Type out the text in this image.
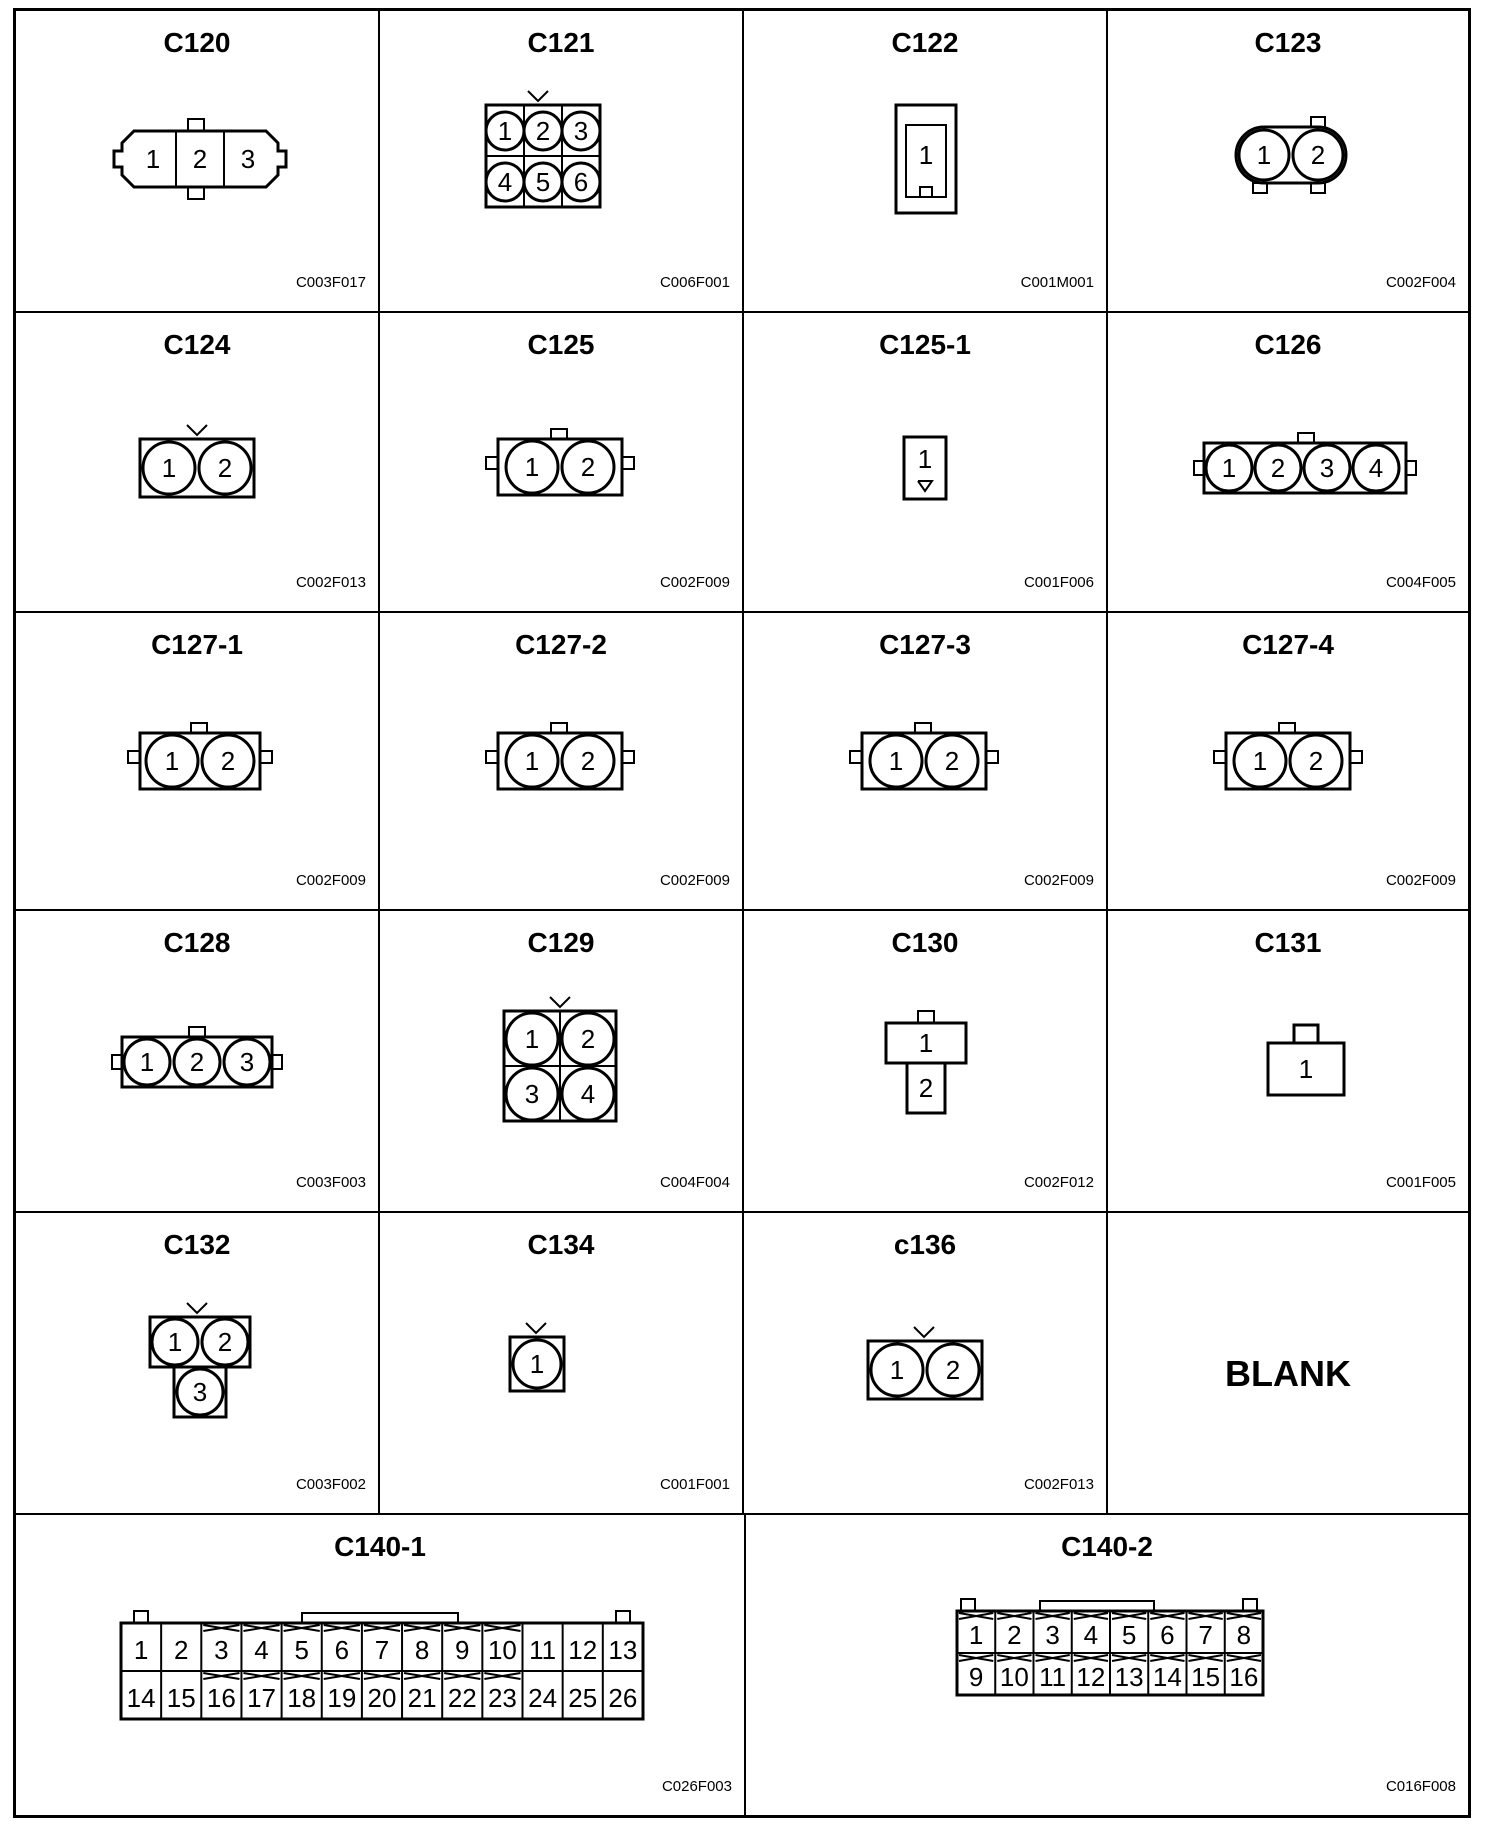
C120
1 2 3
C003F017
C121
1 2 3
4 5 6
C006F001
C122
1
C001M001
C123
1 2
C002F004
C124
1 2
C002F013
C125
1 2
C002F009
C125-1
1
C001F006
C126
1 2 3 4
C004F005
C127-1
1 2
C002F009
C127-2
1 2
C002F009
C127-3
1 2
C002F009
C127-4
1 2
C002F009
C128
1 2 3
C003F003
C129
1 2
3 4
C004F004
C130
1
2
C002F012
C131
1
C001F005
C132
1 2
3
C003F002
C134
1
C001F001
c136
1 2
C002F013
BLANK
C140-1
1 2 3 4 5 6 7 8 9 10 11 12 13
14 15 16 17 18 19 20 21 22 23 24 25 26
C026F003
C140-2
1 2 3 4 5 6 7 8
9 10 11 12 13 14 15 16
C016F008
